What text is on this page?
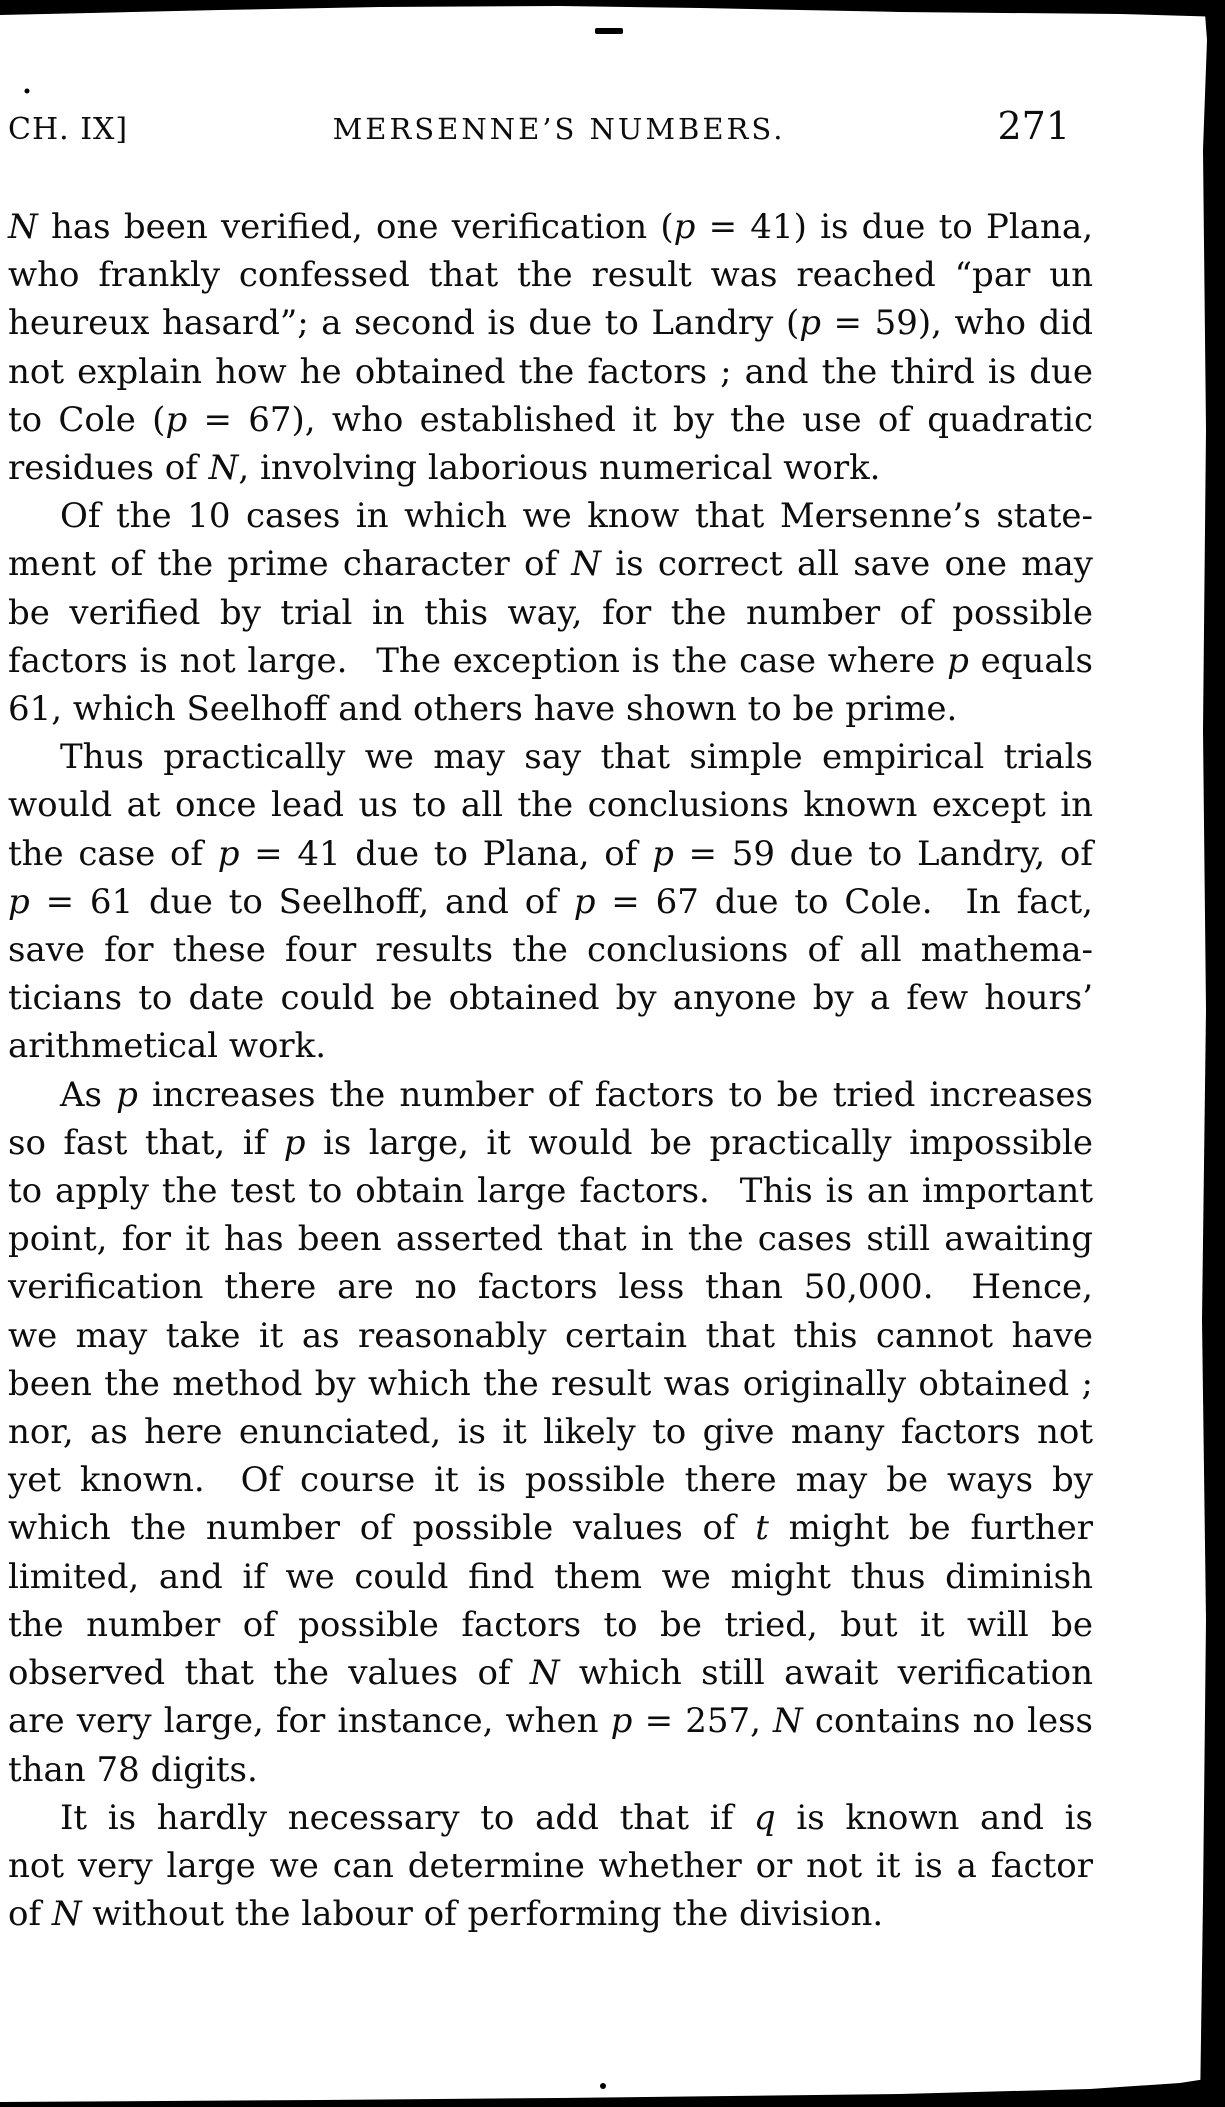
CH. IX]	MERSENNE’S NUMBERS.	271
N has been verified, one verification (p = 41) is due to Plana,
who frankly confessed that the result was reached “par un
heureux hasard”; a second is due to Landry (p = 59), who did
not explain how he obtained the factors ; and the third is due
to Cole (p = 67), who established it by the use of quadratic
residues of N, involving laborious numerical work.
Of the 10 cases in which we know that Mersenne’s state-
ment of the prime character of N is correct all save one may
be verified by trial in this way, for the number of possible
factors is not large.  The exception is the case where p equals
61, which Seelhoff and others have shown to be prime.
Thus practically we may say that simple empirical trials
would at once lead us to all the conclusions known except in
the case of p = 41 due to Plana, of p = 59 due to Landry, of
p = 61 due to Seelhoff, and of p = 67 due to Cole.  In fact,
save for these four results the conclusions of all mathema-
ticians to date could be obtained by anyone by a few hours’
arithmetical work.
As p increases the number of factors to be tried increases
so fast that, if p is large, it would be practically impossible
to apply the test to obtain large factors.  This is an important
point, for it has been asserted that in the cases still awaiting
verification there are no factors less than 50,000.  Hence,
we may take it as reasonably certain that this cannot have
been the method by which the result was originally obtained ;
nor, as here enunciated, is it likely to give many factors not
yet known.  Of course it is possible there may be ways by
which the number of possible values of t might be further
limited, and if we could find them we might thus diminish
the number of possible factors to be tried, but it will be
observed that the values of N which still await verification
are very large, for instance, when p = 257, N contains no less
than 78 digits.
It is hardly necessary to add that if q is known and is
not very large we can determine whether or not it is a factor
of N without the labour of performing the division.
